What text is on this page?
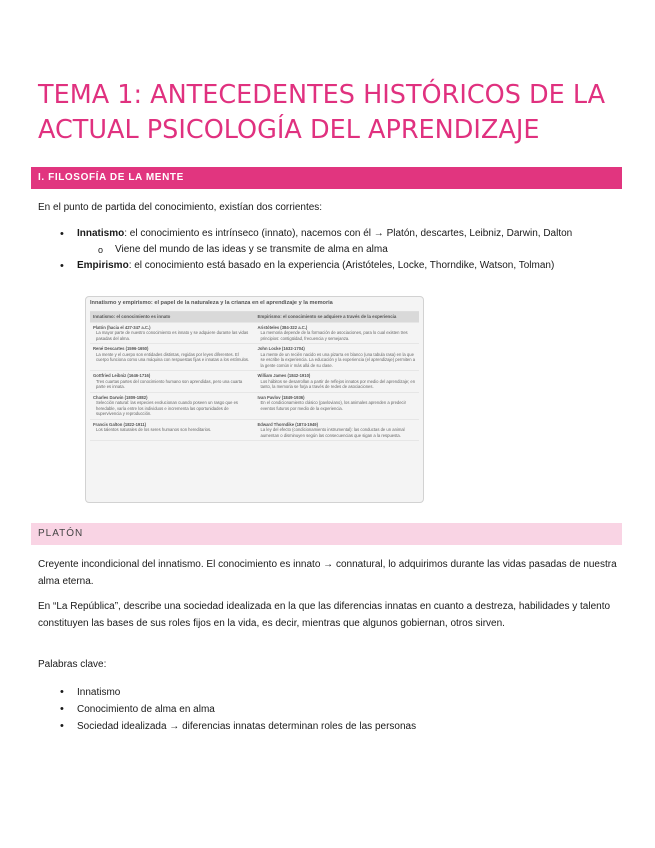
TEMA 1: ANTECEDENTES HISTÓRICOS DE LA
ACTUAL PSICOLOGÍA DEL APRENDIZAJE
I. FILOSOFÍA DE LA MENTE

En el punto de partida del conocimiento, existían dos corrientes:

• Innatismo: el conocimiento es intrínseco (innato), nacemos con él → Platón, descartes, Leibniz, Darwin, Dalton
o Viene del mundo de las ideas y se transmite de alma en alma
• Empirismo: el conocimiento está basado en la experiencia (Aristóteles, Locke, Thorndike, Watson, Tolman)
Innatismo y empirismo: el papel de la naturaleza y la crianza en el aprendizaje y la memoria
Innatismo: el conocimiento es innato	Empirismo: el conocimiento se adquiere a través de la experiencia
Platón (hacia el 427-347 a.C.)
La mayor parte de nuestro conocimiento es innato y se adquiere durante las vidas pasadas del alma.
Aristóteles (384-322 a.C.)
La memoria depende de la formación de asociaciones, para lo cual existen tres principios: contigüidad, frecuencia y semejanza.
René Descartes (1596-1650)
La mente y el cuerpo son entidades distintas, regidas por leyes diferentes. El cuerpo funciona como una máquina con respuestas fijas e innatas a los estímulos.
John Locke (1632-1704)
La mente de un recién nacido es una pizarra en blanco (una tabula rasa) en la que se escribe la experiencia. La educación y la experiencia (el aprendizaje) permiten a la gente común ir más allá de su clase.
Gottfried Leibniz (1646-1716)
Tres cuartas partes del conocimiento humano son aprendidas, pero una cuarta parte es innata.
William James (1842-1910)
Los hábitos se desarrollan a partir de reflejos innatos por medio del aprendizaje; en tanto, la memoria se forja a través de redes de asociaciones.
Charles Darwin (1809-1882)
Selección natural: las especies evolucionan cuando poseen un rasgo que es heredable, varía entre los individuos e incrementa las oportunidades de supervivencia y reproducción.
Ivan Pavlov (1849-1936)
En el condicionamiento clásico (pavloviano), los animales aprenden a predecir eventos futuros por medio de la experiencia.
Francis Galton (1822-1911)
Los talentos naturales de los seres humanos son hereditarios.
Edward Thorndike (1874-1949)
La ley del efecto (condicionamiento instrumental): las conductas de un animal aumentan o disminuyen según las consecuencias que sigan a la respuesta.
PLATÓN

Creyente incondicional del innatismo. El conocimiento es innato → connatural, lo adquirimos durante las vidas pasadas de nuestra alma eterna.

En “La República”, describe una sociedad idealizada en la que las diferencias innatas en cuanto a destreza, habilidades y talento constituyen las bases de sus roles fijos en la vida, es decir, mientras que algunos gobiernan, otros sirven.

Palabras clave:

• Innatismo
• Conocimiento de alma en alma
• Sociedad idealizada → diferencias innatas determinan roles de las personas
